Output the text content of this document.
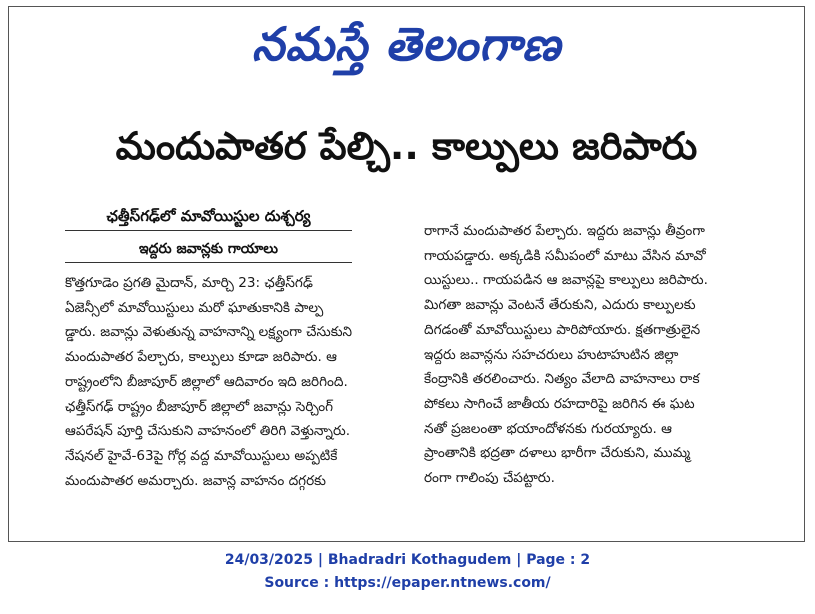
నమస్తే తెలంగాణ
మందుపాతర పేల్చి.. కాల్పులు జరిపారు
ఛత్తీస్‌గఢ్‌లో మావోయిస్టుల దుశ్చర్య
ఇద్దరు జవాన్లకు గాయాలు

కొత్తగూడెం ప్రగతి మైదాన్, మార్చి 23: ఛత్తీస్‌గఢ్

ఏజెన్సీలో మావోయిస్టులు మరో ఘాతుకానికి పాల్ప

డ్డారు. జవాన్లు వెళుతున్న వాహనాన్ని లక్ష్యంగా చేసుకుని

మందుపాతర పేల్చారు, కాల్పులు కూడా జరిపారు. ఆ

రాష్ట్రంలోని బీజాపూర్ జిల్లాలో ఆదివారం ఇది జరిగింది.

ఛత్తీస్‌గఢ్ రాష్ట్రం బీజాపూర్ జిల్లాలో జవాన్లు సెర్చింగ్

ఆపరేషన్ పూర్తి చేసుకుని వాహనంలో తిరిగి వెళ్తున్నారు.

నేషనల్ హైవే-63పై గోర్ల వద్ద మావోయిస్టులు అప్పటికే

మందుపాతర అమర్చారు. జవాన్ల వాహనం దగ్గరకు

రాగానే మందుపాతర పేల్చారు. ఇద్దరు జవాన్లు తీవ్రంగా

గాయపడ్డారు. అక్కడికి సమీపంలో మాటు వేసిన మావో

యిస్టులు.. గాయపడిన ఆ జవాన్లపై కాల్పులు జరిపారు.

మిగతా జవాన్లు వెంటనే తేరుకుని, ఎదురు కాల్పులకు

దిగడంతో మావోయిస్టులు పారిపోయారు. క్షతగాత్రులైన

ఇద్దరు జవాన్లను సహచరులు హుటాహుటిన జిల్లా

కేంద్రానికి తరలించారు. నిత్యం వేలాది వాహనాలు రాక

పోకలు సాగించే జాతీయ రహదారిపై జరిగిన ఈ ఘట

నతో ప్రజలంతా భయాందోళనకు గురయ్యారు. ఆ

ప్రాంతానికి భద్రతా దళాలు భారీగా చేరుకుని, ముమ్మ

రంగా గాలింపు చేపట్టారు.

24/03/2025 | Bhadradri Kothagudem | Page : 2
Source : https://epaper.ntnews.com/
